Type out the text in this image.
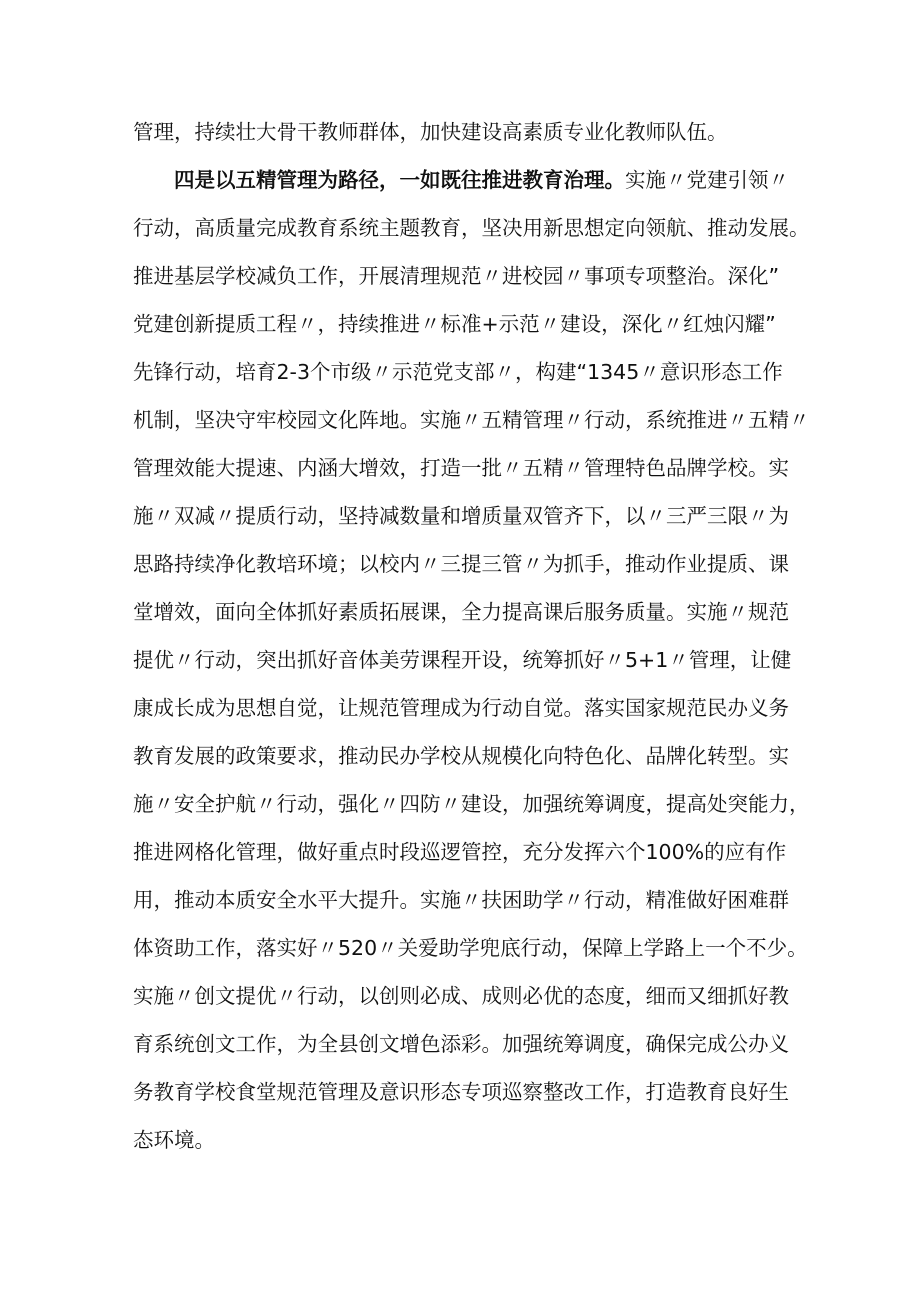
管理，持续壮大骨干教师群体，加快建设高素质专业化教师队伍。
四是以五精管理为路径，一如既往推进教育治理。实施〃党建引领〃
行动，高质量完成教育系统主题教育，坚决用新思想定向领航、推动发展。
推进基层学校减负工作，开展清理规范〃进校园〃事项专项整治。深化”
党建创新提质工程〃，持续推进〃标准+示范〃建设，深化〃红烛闪耀”
先锋行动，培育2-3个市级〃示范党支部〃，构建“1345〃意识形态工作
机制，坚决守牢校园文化阵地。实施〃五精管理〃行动，系统推进〃五精〃
管理效能大提速、内涵大增效，打造一批〃五精〃管理特色品牌学校。实
施〃双减〃提质行动，坚持减数量和增质量双管齐下，以〃三严三限〃为
思路持续净化教培环境；以校内〃三提三管〃为抓手，推动作业提质、课
堂增效，面向全体抓好素质拓展课，全力提高课后服务质量。实施〃规范
提优〃行动，突出抓好音体美劳课程开设，统筹抓好〃5+1〃管理，让健
康成长成为思想自觉，让规范管理成为行动自觉。落实国家规范民办义务
教育发展的政策要求，推动民办学校从规模化向特色化、品牌化转型。实
施〃安全护航〃行动，强化〃四防〃建设，加强统筹调度，提高处突能力，
推进网格化管理，做好重点时段巡逻管控，充分发挥六个100%的应有作
用，推动本质安全水平大提升。实施〃扶困助学〃行动，精准做好困难群
体资助工作，落实好〃520〃关爱助学兜底行动，保障上学路上一个不少。
实施〃创文提优〃行动，以创则必成、成则必优的态度，细而又细抓好教
育系统创文工作，为全县创文增色添彩。加强统筹调度，确保完成公办义
务教育学校食堂规范管理及意识形态专项巡察整改工作，打造教育良好生
态环境。
